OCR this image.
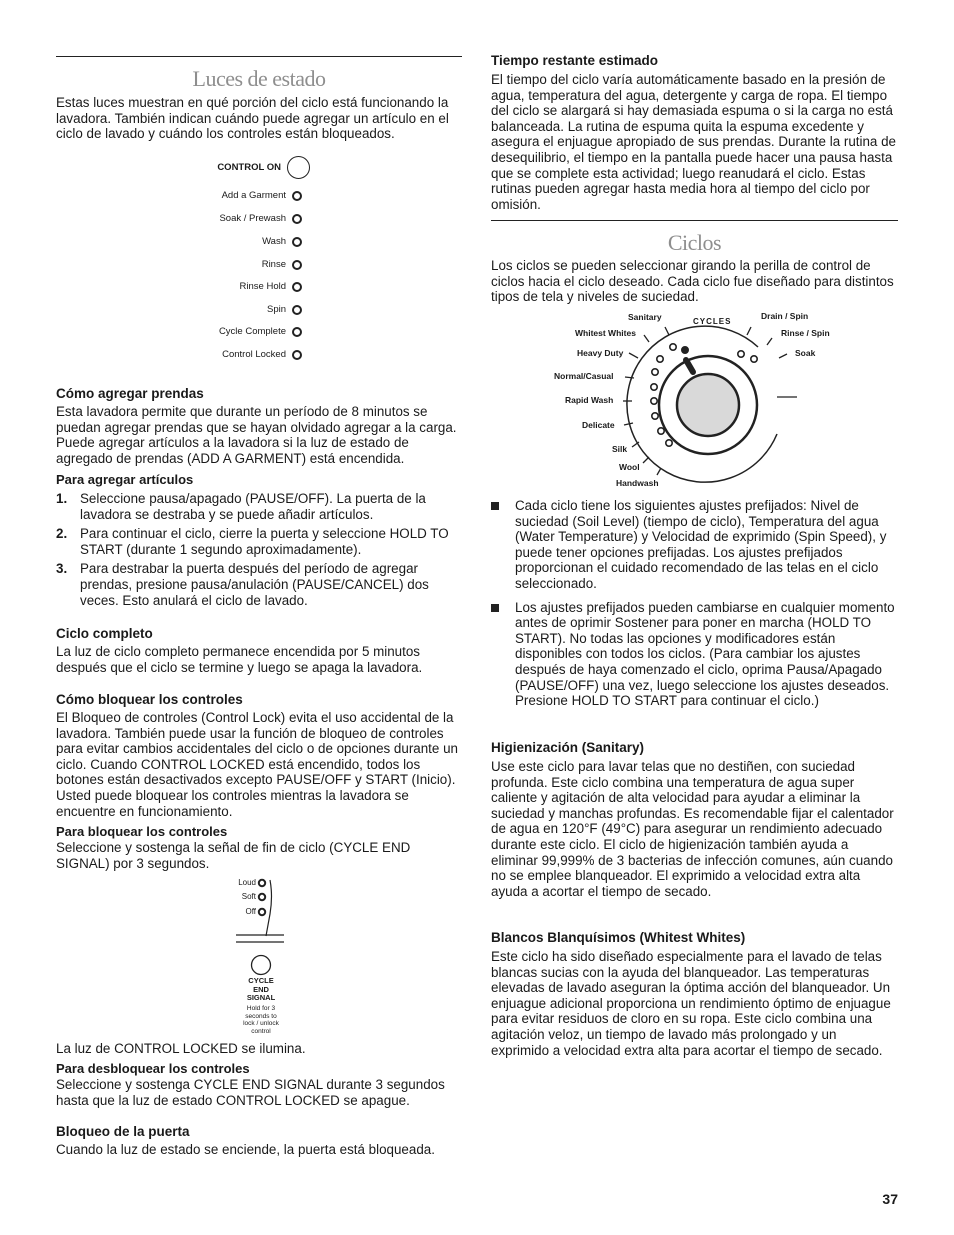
Luces de estado

Estas luces muestran en qué porción del ciclo está funcionando la lavadora. También indican cuándo puede agregar un artículo en el ciclo de lavado y cuándo los controles están bloqueados.

CONTROL ON
Add a Garment
Soak / Prewash
Wash
Rinse
Rinse Hold
Spin
Cycle Complete
Control Locked
Cómo agregar prendas

Esta lavadora permite que durante un período de 8 minutos se puedan agregar prendas que se hayan olvidado agregar a la carga. Puede agregar artículos a la lavadora si la luz de estado de agregado de prendas (ADD A GARMENT) está encendida.

Para agregar artículos
1. Seleccione pausa/apagado (PAUSE/OFF). La puerta de la lavadora se destraba y se puede añadir artículos.
2. Para continuar el ciclo, cierre la puerta y seleccione HOLD TO START (durante 1 segundo aproximadamente).
3. Para destrabar la puerta después del período de agregar prendas, presione pausa/anulación (PAUSE/CANCEL) dos veces. Esto anulará el ciclo de lavado.
Ciclo completo

La luz de ciclo completo permanece encendida por 5 minutos después que el ciclo se termine y luego se apaga la lavadora.

Cómo bloquear los controles

El Bloqueo de controles (Control Lock) evita el uso accidental de la lavadora. También puede usar la función de bloqueo de controles para evitar cambios accidentales del ciclo o de opciones durante un ciclo. Cuando CONTROL LOCKED está encendido, todos los botones están desactivados excepto PAUSE/OFF y START (Inicio). Usted puede bloquear los controles mientras la lavadora se encuentre en funcionamiento.

Para bloquear los controles

Seleccione y sostenga la señal de fin de ciclo (CYCLE END SIGNAL) por 3 segundos.

Loud
Soft
Off
CYCLE
END
SIGNAL
Hold for 3
seconds to
lock / unlock
control

La luz de CONTROL LOCKED se ilumina.

Para desbloquear los controles

Seleccione y sostenga CYCLE END SIGNAL durante 3 segundos hasta que la luz de estado CONTROL LOCKED se apague.

Bloqueo de la puerta

Cuando la luz de estado se enciende, la puerta está bloqueada.

Tiempo restante estimado

El tiempo del ciclo varía automáticamente basado en la presión de agua, temperatura del agua, detergente y carga de ropa. El tiempo del ciclo se alargará si hay demasiada espuma o si la carga no está balanceada. La rutina de espuma quita la espuma excedente y asegura el enjuague apropiado de sus prendas. Durante la rutina de desequilibrio, el tiempo en la pantalla puede hacer una pausa hasta que se complete esta actividad; luego reanudará el ciclo. Estas rutinas pueden agregar hasta media hora al tiempo del ciclo por omisión.

Ciclos

Los ciclos se pueden seleccionar girando la perilla de control de ciclos hacia el ciclo deseado. Cada ciclo fue diseñado para distintos tipos de tela y niveles de suciedad.

CYCLES
Sanitary
Whitest Whites
Heavy Duty
Normal/Casual
Rapid Wash
Delicate
Silk
Wool
Handwash
Drain / Spin
Rinse / Spin
Soak
Cada ciclo tiene los siguientes ajustes prefijados: Nivel de suciedad (Soil Level) (tiempo de ciclo), Temperatura del agua (Water Temperature) y Velocidad de exprimido (Spin Speed), y puede tener opciones prefijadas. Los ajustes prefijados proporcionan el cuidado recomendado de las telas en el ciclo seleccionado.
Los ajustes prefijados pueden cambiarse en cualquier momento antes de oprimir Sostener para poner en marcha (HOLD TO START). No todas las opciones y modificadores están disponibles con todos los ciclos. (Para cambiar los ajustes después de haya comenzado el ciclo, oprima Pausa/Apagado (PAUSE/OFF) una vez, luego seleccione los ajustes deseados. Presione HOLD TO START para continuar el ciclo.)
Higienización (Sanitary)

Use este ciclo para lavar telas que no destiñen, con suciedad profunda. Este ciclo combina una temperatura de agua super caliente y agitación de alta velocidad para ayudar a eliminar la suciedad y manchas profundas. Es recomendable fijar el calentador de agua en 120°F (49°C) para asegurar un rendimiento adecuado durante este ciclo. El ciclo de higienización también ayuda a eliminar 99,999% de 3 bacterias de infección comunes, aún cuando no se emplee blanqueador. El exprimido a velocidad extra alta ayuda a acortar el tiempo de secado.

Blancos Blanquísimos (Whitest Whites)

Este ciclo ha sido diseñado especialmente para el lavado de telas blancas sucias con la ayuda del blanqueador. Las temperaturas elevadas de lavado aseguran la óptima acción del blanqueador. Un enjuague adicional proporciona un rendimiento óptimo de enjuague para evitar residuos de cloro en su ropa. Este ciclo combina una agitación veloz, un tiempo de lavado más prolongado y un exprimido a velocidad extra alta para acortar el tiempo de secado.

37
